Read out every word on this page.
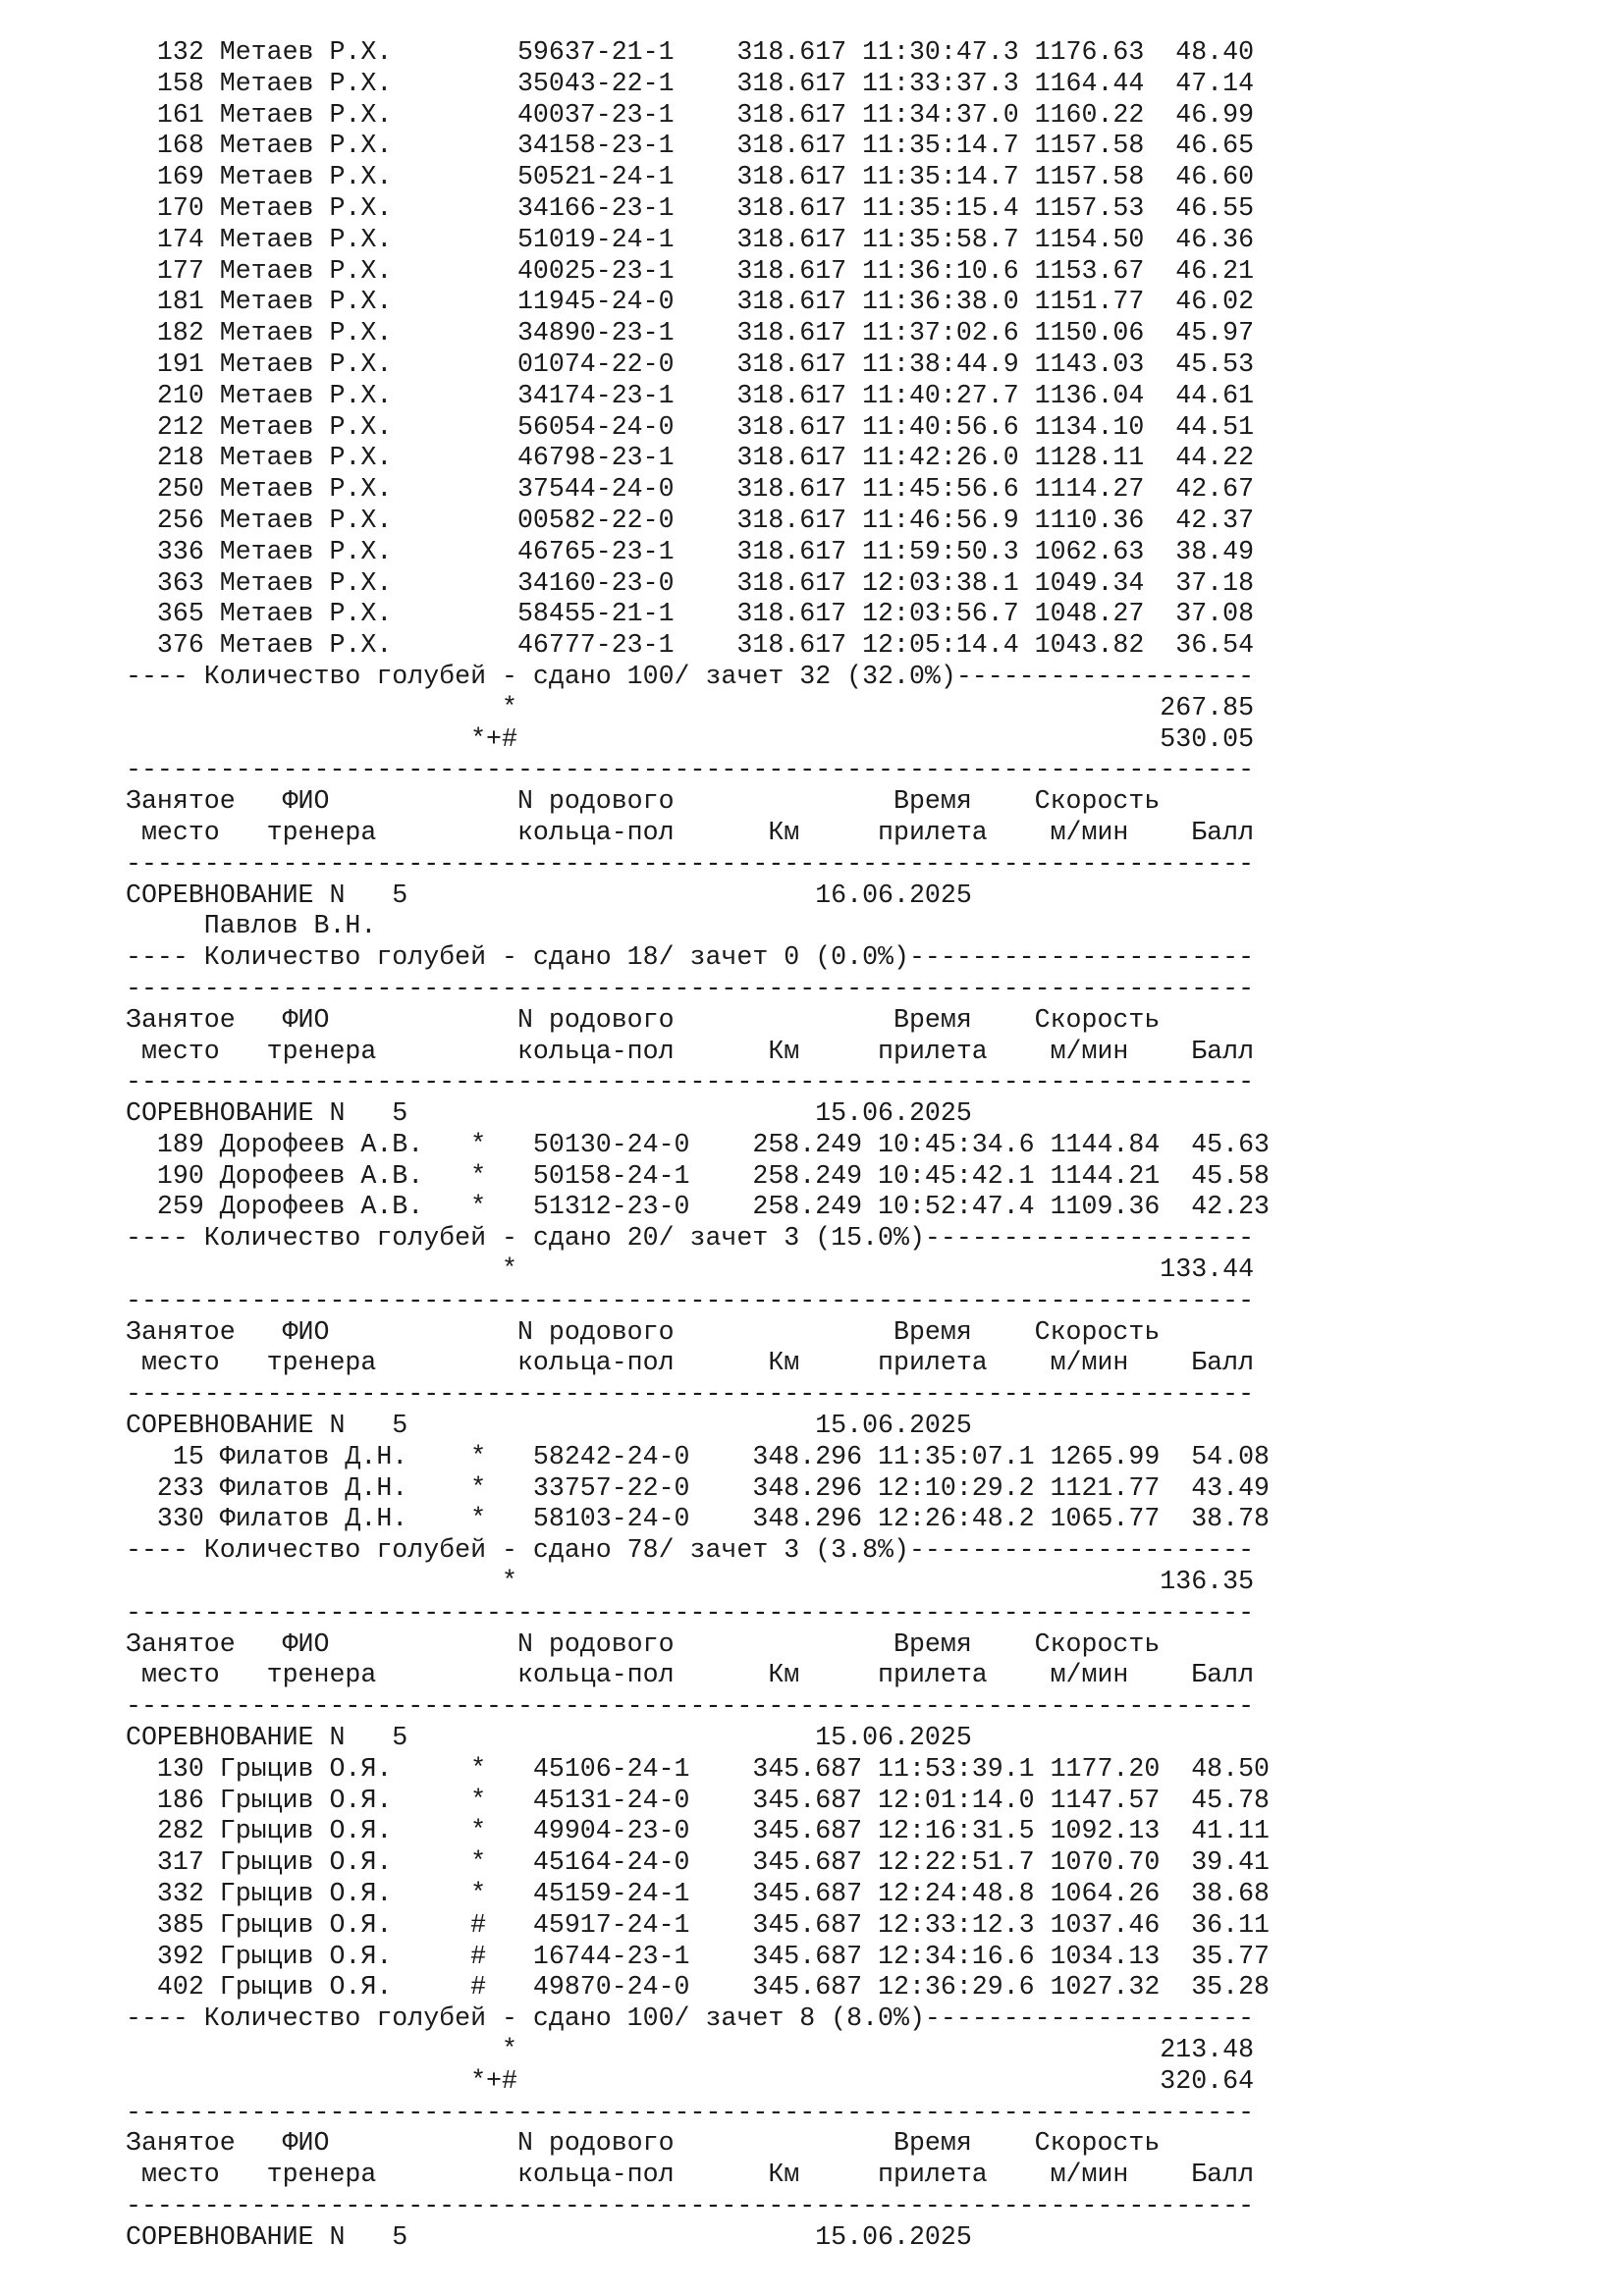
132 Метаев Р.Х.        59637-21-1    318.617 11:30:47.3 1176.63  48.40
158 Метаев Р.Х.        35043-22-1    318.617 11:33:37.3 1164.44  47.14
161 Метаев Р.Х.        40037-23-1    318.617 11:34:37.0 1160.22  46.99
168 Метаев Р.Х.        34158-23-1    318.617 11:35:14.7 1157.58  46.65
169 Метаев Р.Х.        50521-24-1    318.617 11:35:14.7 1157.58  46.60
170 Метаев Р.Х.        34166-23-1    318.617 11:35:15.4 1157.53  46.55
174 Метаев Р.Х.        51019-24-1    318.617 11:35:58.7 1154.50  46.36
177 Метаев Р.Х.        40025-23-1    318.617 11:36:10.6 1153.67  46.21
181 Метаев Р.Х.        11945-24-0    318.617 11:36:38.0 1151.77  46.02
182 Метаев Р.Х.        34890-23-1    318.617 11:37:02.6 1150.06  45.97
191 Метаев Р.Х.        01074-22-0    318.617 11:38:44.9 1143.03  45.53
210 Метаев Р.Х.        34174-23-1    318.617 11:40:27.7 1136.04  44.61
212 Метаев Р.Х.        56054-24-0    318.617 11:40:56.6 1134.10  44.51
218 Метаев Р.Х.        46798-23-1    318.617 11:42:26.0 1128.11  44.22
250 Метаев Р.Х.        37544-24-0    318.617 11:45:56.6 1114.27  42.67
256 Метаев Р.Х.        00582-22-0    318.617 11:46:56.9 1110.36  42.37
336 Метаев Р.Х.        46765-23-1    318.617 11:59:50.3 1062.63  38.49
363 Метаев Р.Х.        34160-23-0    318.617 12:03:38.1 1049.34  37.18
365 Метаев Р.Х.        58455-21-1    318.617 12:03:56.7 1048.27  37.08
376 Метаев Р.Х.        46777-23-1    318.617 12:05:14.4 1043.82  36.54
---- Количество голубей - сдано 100/ зачет 32 (32.0%)-------------------
*                                         267.85
*+#                                         530.05
------------------------------------------------------------------------
Занятое   ФИО            N родового              Время    Скорость
место   тренера         кольца-пол      Км     прилета    м/мин    Балл
------------------------------------------------------------------------
СОРЕВНОВАНИЕ N   5                          16.06.2025
Павлов В.Н.
---- Количество голубей - сдано 18/ зачет 0 (0.0%)----------------------
------------------------------------------------------------------------
Занятое   ФИО            N родового              Время    Скорость
место   тренера         кольца-пол      Км     прилета    м/мин    Балл
------------------------------------------------------------------------
СОРЕВНОВАНИЕ N   5                          15.06.2025
189 Дорофеев А.В.   *   50130-24-0    258.249 10:45:34.6 1144.84  45.63
190 Дорофеев А.В.   *   50158-24-1    258.249 10:45:42.1 1144.21  45.58
259 Дорофеев А.В.   *   51312-23-0    258.249 10:52:47.4 1109.36  42.23
---- Количество голубей - сдано 20/ зачет 3 (15.0%)---------------------
*                                         133.44
------------------------------------------------------------------------
Занятое   ФИО            N родового              Время    Скорость
место   тренера         кольца-пол      Км     прилета    м/мин    Балл
------------------------------------------------------------------------
СОРЕВНОВАНИЕ N   5                          15.06.2025
15 Филатов Д.Н.    *   58242-24-0    348.296 11:35:07.1 1265.99  54.08
233 Филатов Д.Н.    *   33757-22-0    348.296 12:10:29.2 1121.77  43.49
330 Филатов Д.Н.    *   58103-24-0    348.296 12:26:48.2 1065.77  38.78
---- Количество голубей - сдано 78/ зачет 3 (3.8%)----------------------
*                                         136.35
------------------------------------------------------------------------
Занятое   ФИО            N родового              Время    Скорость
место   тренера         кольца-пол      Км     прилета    м/мин    Балл
------------------------------------------------------------------------
СОРЕВНОВАНИЕ N   5                          15.06.2025
130 Грыцив О.Я.     *   45106-24-1    345.687 11:53:39.1 1177.20  48.50
186 Грыцив О.Я.     *   45131-24-0    345.687 12:01:14.0 1147.57  45.78
282 Грыцив О.Я.     *   49904-23-0    345.687 12:16:31.5 1092.13  41.11
317 Грыцив О.Я.     *   45164-24-0    345.687 12:22:51.7 1070.70  39.41
332 Грыцив О.Я.     *   45159-24-1    345.687 12:24:48.8 1064.26  38.68
385 Грыцив О.Я.     #   45917-24-1    345.687 12:33:12.3 1037.46  36.11
392 Грыцив О.Я.     #   16744-23-1    345.687 12:34:16.6 1034.13  35.77
402 Грыцив О.Я.     #   49870-24-0    345.687 12:36:29.6 1027.32  35.28
---- Количество голубей - сдано 100/ зачет 8 (8.0%)---------------------
*                                         213.48
*+#                                         320.64
------------------------------------------------------------------------
Занятое   ФИО            N родового              Время    Скорость
место   тренера         кольца-пол      Км     прилета    м/мин    Балл
------------------------------------------------------------------------
СОРЕВНОВАНИЕ N   5                          15.06.2025
